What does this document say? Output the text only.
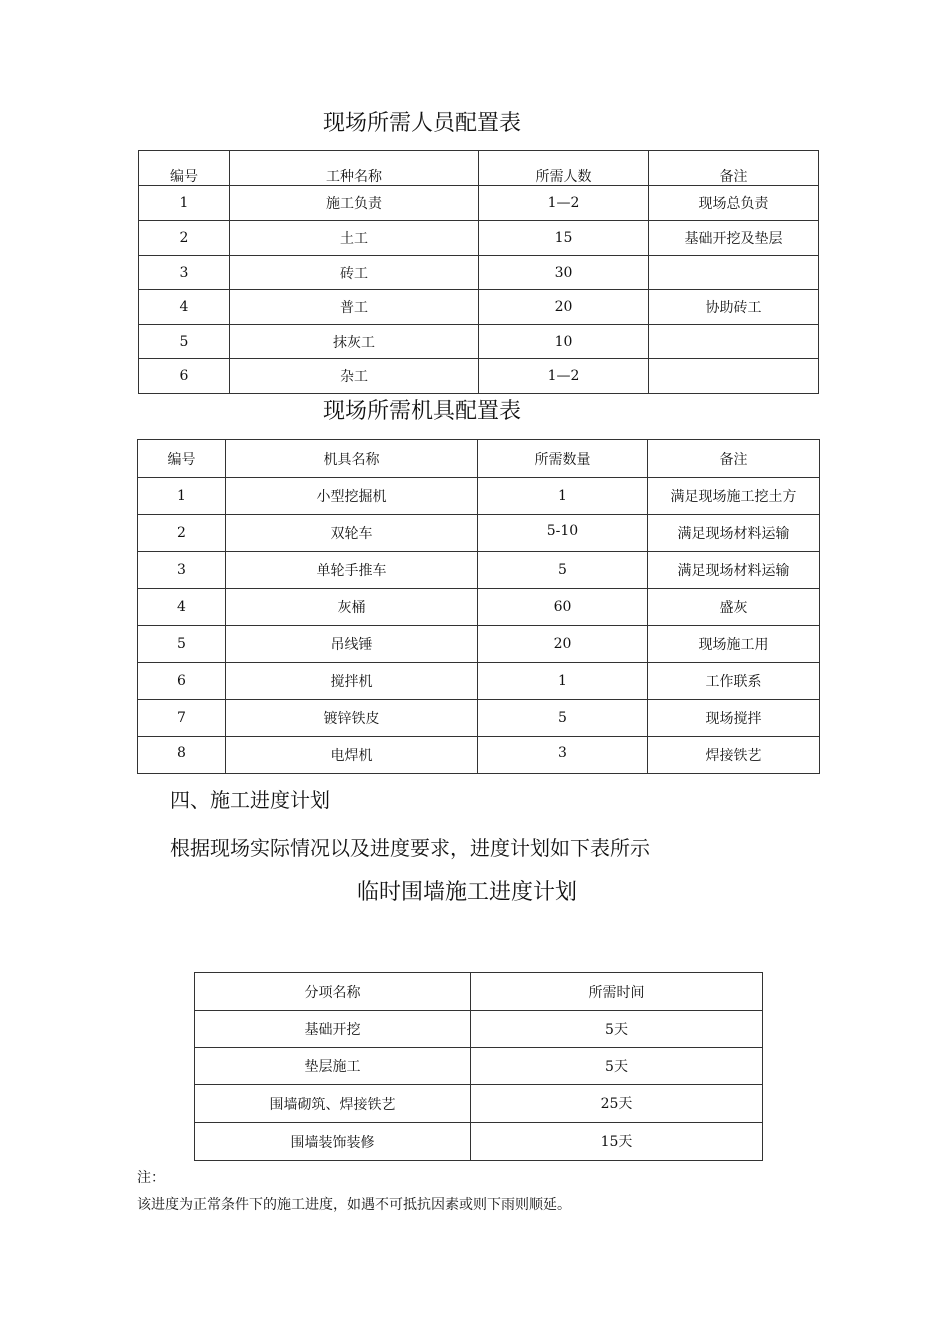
现场所需人员配置表
编号	工种名称	所需人数	备注
1	施工负责	1—2	现场总负责
2	土工	15	基础开挖及垫层
3	砖工	30	
4	普工	20	协助砖工
5	抹灰工	10	
6	杂工	1—2	
现场所需机具配置表
编号	机具名称	所需数量	备注
1	小型挖掘机	1	满足现场施工挖土方
2	双轮车	5-10	满足现场材料运输
3	单轮手推车	5	满足现场材料运输
4	灰桶	60	盛灰
5	吊线锤	20	现场施工用
6	搅拌机	1	工作联系
7	镀锌铁皮	5	现场搅拌
8	电焊机	3	焊接铁艺
四、施工进度计划
根据现场实际情况以及进度要求，进度计划如下表所示
临时围墙施工进度计划
分项名称	所需时间
基础开挖	5天
垫层施工	5天
围墙砌筑、焊接铁艺	25天
围墙装饰装修	15天
注：
该进度为正常条件下的施工进度，如遇不可抵抗因素或则下雨则顺延。
